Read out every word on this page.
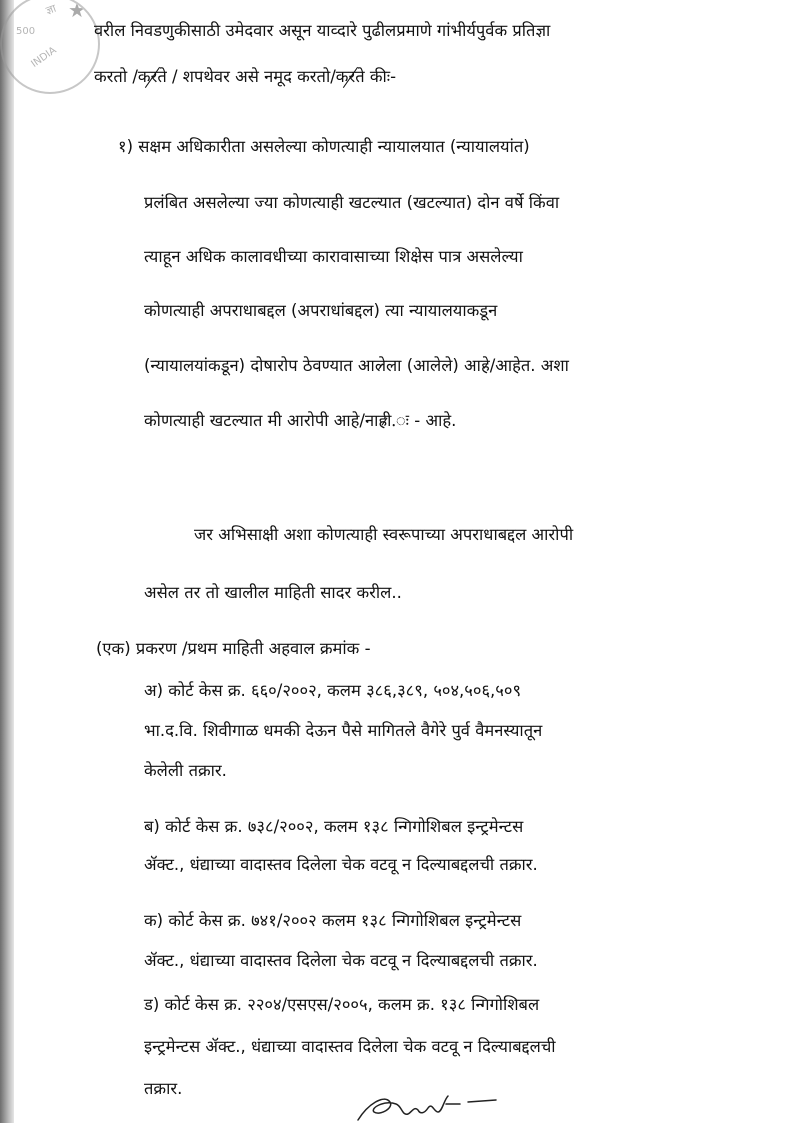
★
ज्ञा
500
INDIA
वरील निवडणुकीसाठी उमेदवार असून याव्दारे पुढीलप्रमाणे गांभीर्यपुर्वक प्रतिज्ञा
करतो /करते / शपथेवर असे नमूद करतो/करते कीः-
१) सक्षम अधिकारीता असलेल्या कोणत्याही न्यायालयात (न्यायालयांत)
प्रलंबित असलेल्या ज्या कोणत्याही खटल्यात (खटल्यात) दोन वर्षे किंवा
त्याहून अधिक कालावधीच्या कारावासाच्या शिक्षेस पात्र असलेल्या
कोणत्याही अपराधाबद्दल (अपराधांबद्दल) त्या न्यायालयाकडून
(न्यायालयांकडून) दोषारोप ठेवण्यात आलेला (आलेले) आहे/आहेत. अशा
कोणत्याही खटल्यात मी आरोपी आहे/नाही.ः - आहे.
जर अभिसाक्षी अशा कोणत्याही स्वरूपाच्या अपराधाबद्दल आरोपी
असेल तर तो खालील माहिती सादर करील..
(एक) प्रकरण /प्रथम माहिती अहवाल क्रमांक -
अ) कोर्ट केस क्र. ६६०/२००२, कलम ३८६,३८९, ५०४,५०६,५०९
भा.द.वि. शिवीगाळ धमकी देऊन पैसे मागितले वैगेरे पुर्व वैमनस्यातून
केलेली तक्रार.
ब) कोर्ट केस क्र. ७३८/२००२, कलम १३८ न्गिगोशिबल इन्ट्रमेन्टस
ॲक्ट., धंद्याच्या वादास्तव दिलेला चेक वटवू न दिल्याबद्दलची तक्रार.
क) कोर्ट केस क्र. ७४१/२००२ कलम १३८ न्गिगोशिबल इन्ट्रमेन्टस
ॲक्ट., धंद्याच्या वादास्तव दिलेला चेक वटवू न दिल्याबद्दलची तक्रार.
ड) कोर्ट केस क्र. २२०४/एसएस/२००५, कलम क्र. १३८ न्गिगोशिबल
इन्ट्रमेन्टस ॲक्ट., धंद्याच्या वादास्तव दिलेला चेक वटवू न दिल्याबद्दलची
तक्रार.
